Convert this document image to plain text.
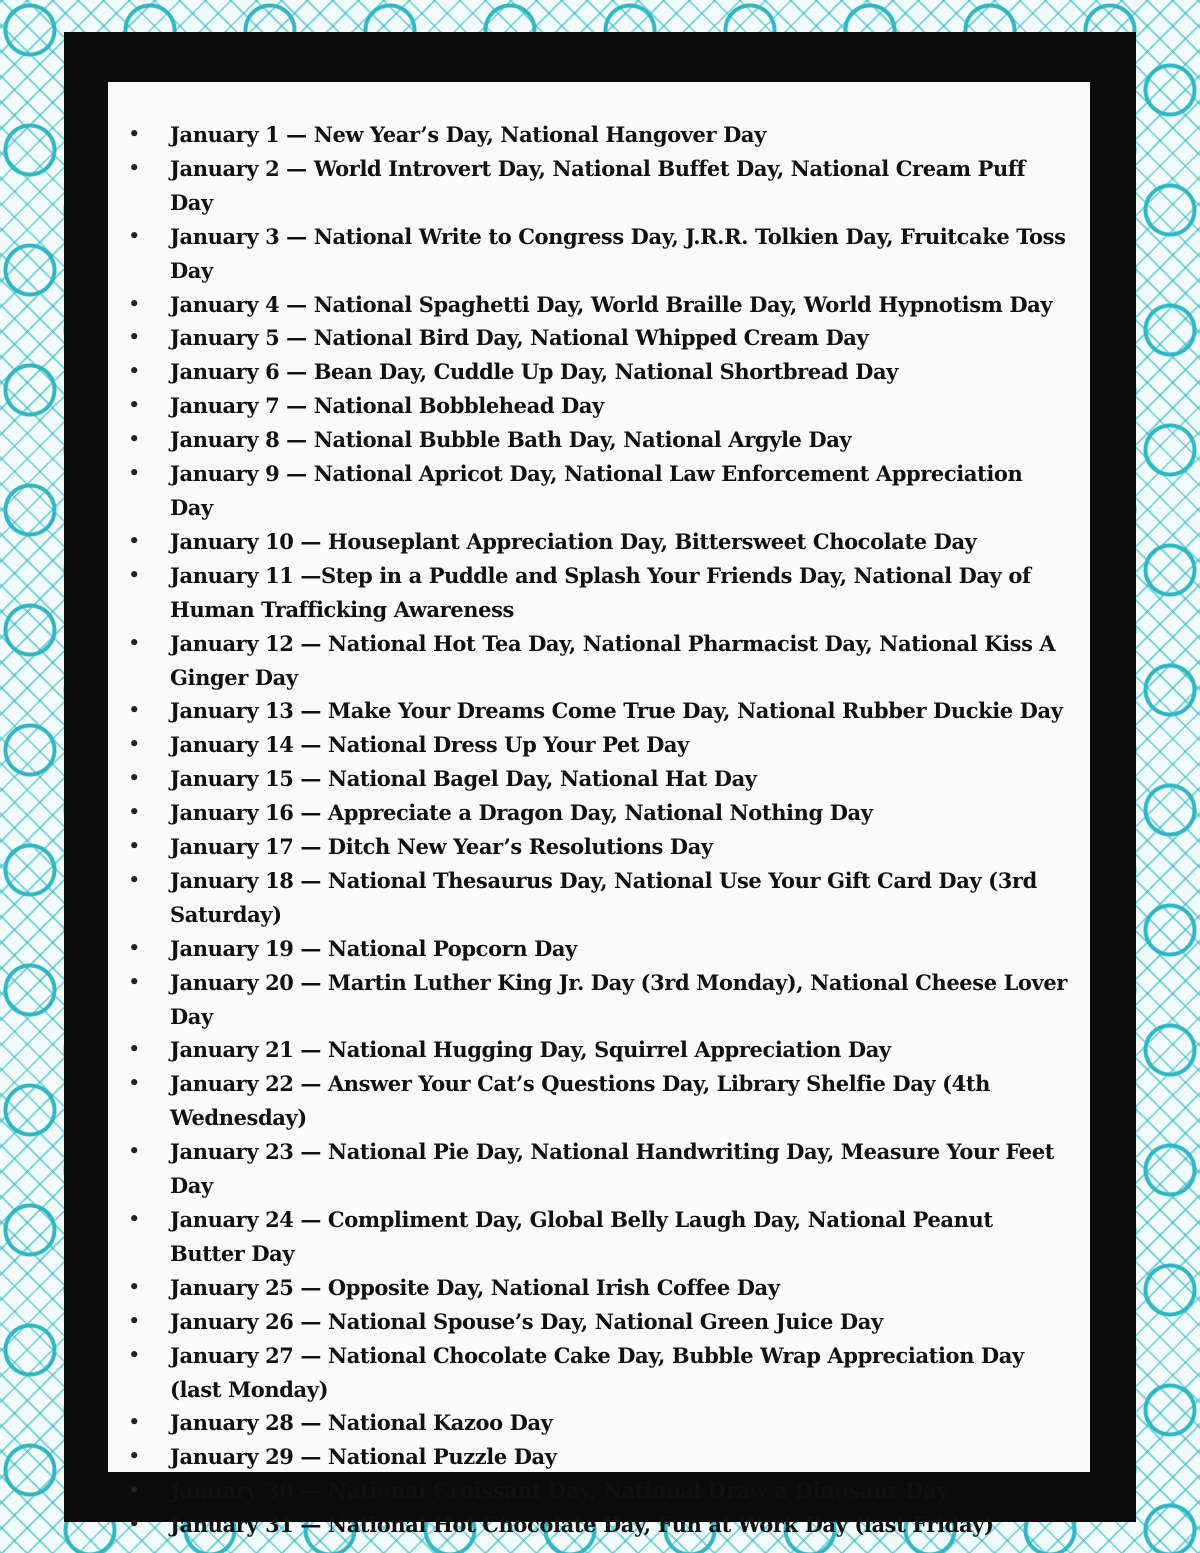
• January 1 — New Year’s Day, National Hangover Day
• January 2 — World Introvert Day, National Buffet Day, National Cream Puff Day
• January 3 — National Write to Congress Day, J.R.R. Tolkien Day, Fruitcake Toss Day
• January 4 — National Spaghetti Day, World Braille Day, World Hypnotism Day
• January 5 — National Bird Day, National Whipped Cream Day
• January 6 — Bean Day, Cuddle Up Day, National Shortbread Day
• January 7 — National Bobblehead Day
• January 8 — National Bubble Bath Day, National Argyle Day
• January 9 — National Apricot Day, National Law Enforcement Appreciation Day
• January 10 — Houseplant Appreciation Day, Bittersweet Chocolate Day
• January 11 —Step in a Puddle and Splash Your Friends Day, National Day of Human Trafficking Awareness
• January 12 — National Hot Tea Day, National Pharmacist Day, National Kiss A Ginger Day
• January 13 — Make Your Dreams Come True Day, National Rubber Duckie Day
• January 14 — National Dress Up Your Pet Day
• January 15 — National Bagel Day, National Hat Day
• January 16 — Appreciate a Dragon Day, National Nothing Day
• January 17 — Ditch New Year’s Resolutions Day
• January 18 — National Thesaurus Day, National Use Your Gift Card Day (3rd Saturday)
• January 19 — National Popcorn Day
• January 20 — Martin Luther King Jr. Day (3rd Monday), National Cheese Lover Day
• January 21 — National Hugging Day, Squirrel Appreciation Day
• January 22 — Answer Your Cat’s Questions Day, Library Shelfie Day (4th Wednesday)
• January 23 — National Pie Day, National Handwriting Day, Measure Your Feet Day
• January 24 — Compliment Day, Global Belly Laugh Day, National Peanut Butter Day
• January 25 — Opposite Day, National Irish Coffee Day
• January 26 — National Spouse’s Day, National Green Juice Day
• January 27 — National Chocolate Cake Day, Bubble Wrap Appreciation Day (last Monday)
• January 28 — National Kazoo Day
• January 29 — National Puzzle Day
• January 30 — National Croissant Day, National Draw a Dinosaur Day
• January 31 — National Hot Chocolate Day, Fun at Work Day (last Friday)
